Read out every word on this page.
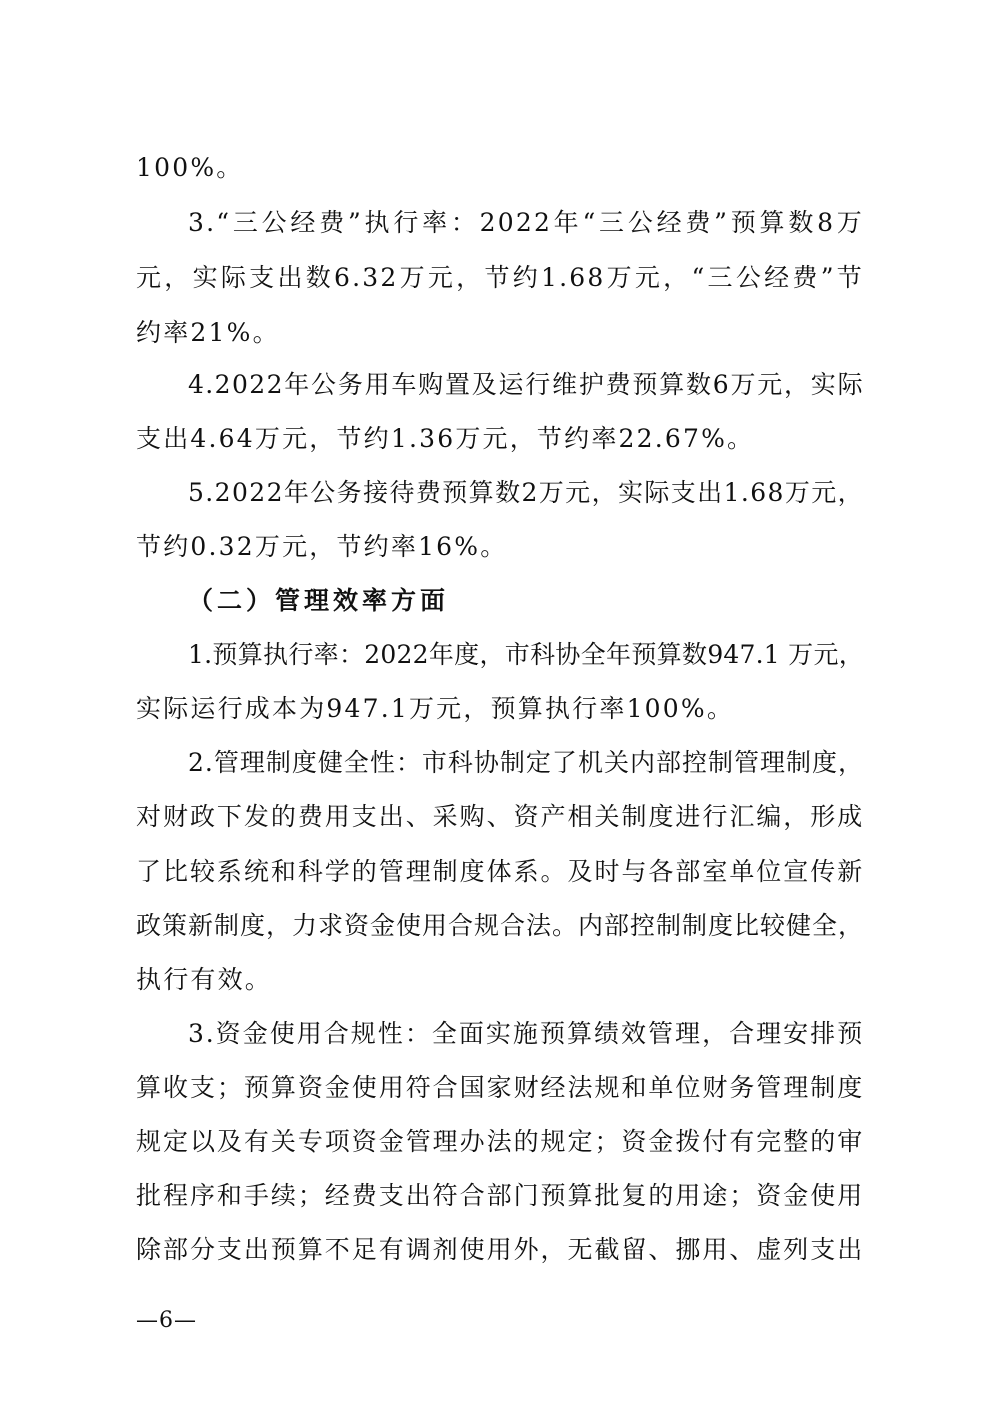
100%。
3.“三公经费”执行率：2022年“三公经费”预算数8万
元，实际支出数6.32万元，节约1.68万元，“三公经费”节
约率21%。
4.2022年公务用车购置及运行维护费预算数6万元，实际
支出4.64万元，节约1.36万元，节约率22.67%。
5.2022年公务接待费预算数2万元，实际支出1.68万元，
节约0.32万元，节约率16%。
（二）管理效率方面
1.预算执行率：2022年度，市科协全年预算数947.1 万元，
实际运行成本为947.1万元，预算执行率100%。
2.管理制度健全性：市科协制定了机关内部控制管理制度，
对财政下发的费用支出、采购、资产相关制度进行汇编，形成
了比较系统和科学的管理制度体系。及时与各部室单位宣传新
政策新制度，力求资金使用合规合法。内部控制制度比较健全，
执行有效。
3.资金使用合规性：全面实施预算绩效管理，合理安排预
算收支；预算资金使用符合国家财经法规和单位财务管理制度
规定以及有关专项资金管理办法的规定；资金拨付有完整的审
批程序和手续；经费支出符合部门预算批复的用途；资金使用
除部分支出预算不足有调剂使用外，无截留、挪用、虚列支出
—6—
